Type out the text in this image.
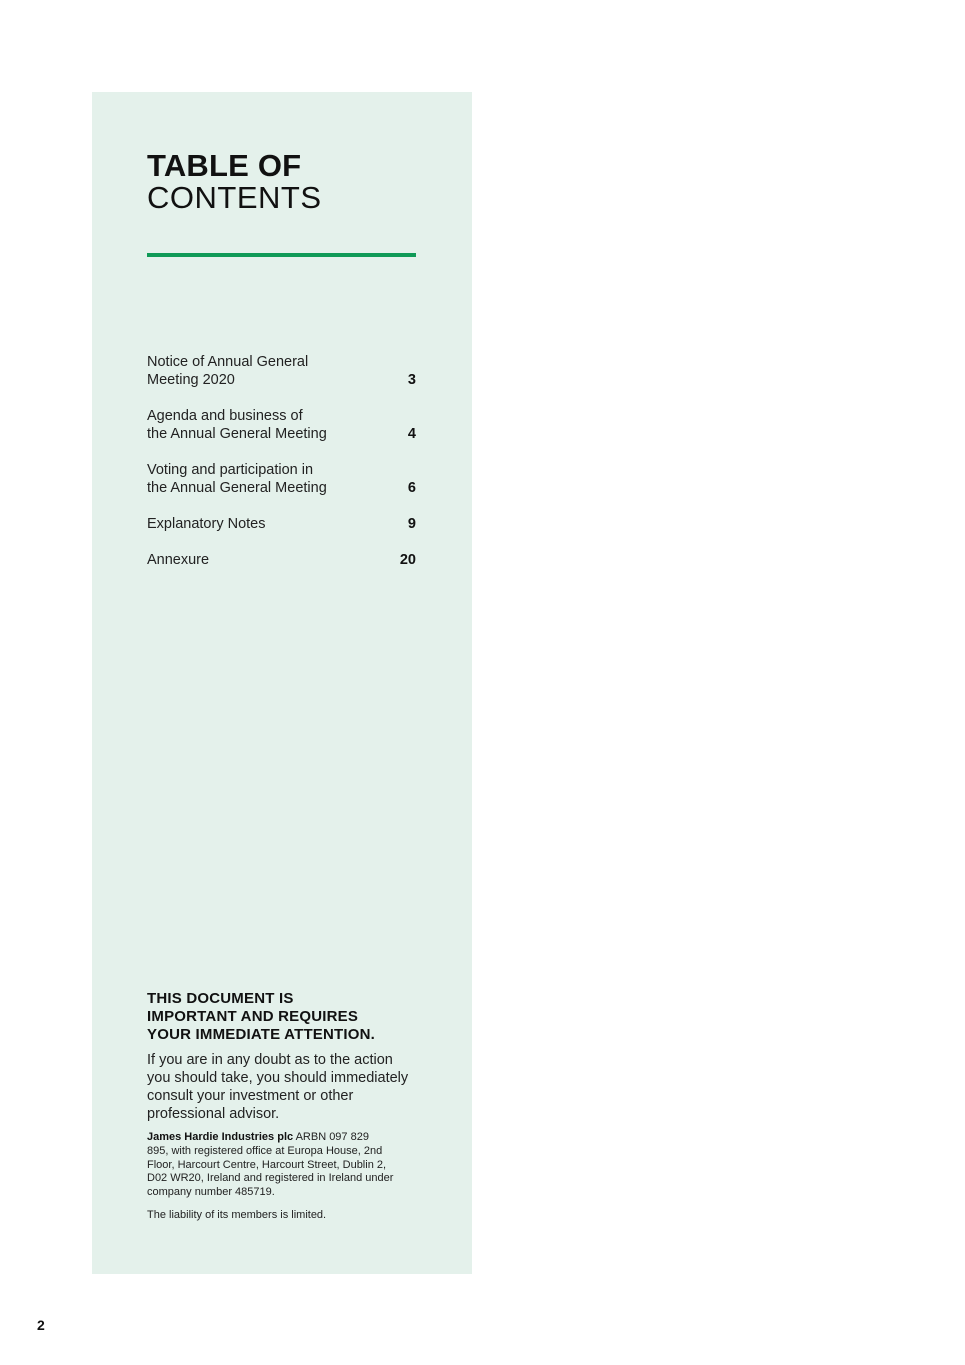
TABLE OF
CONTENTS
Notice of Annual General
Meeting 2020	3
Agenda and business of
the Annual General Meeting	4
Voting and participation in
the Annual General Meeting	6
Explanatory Notes	9
Annexure	20

THIS DOCUMENT IS
IMPORTANT AND REQUIRES
YOUR IMMEDIATE ATTENTION.

If you are in any doubt as to the action
you should take, you should immediately
consult your investment or other
professional advisor.

James Hardie Industries plc ARBN 097 829
895, with registered office at Europa House, 2nd
Floor, Harcourt Centre, Harcourt Street, Dublin 2,
D02 WR20, Ireland and registered in Ireland under
company number 485719.

The liability of its members is limited.

2
